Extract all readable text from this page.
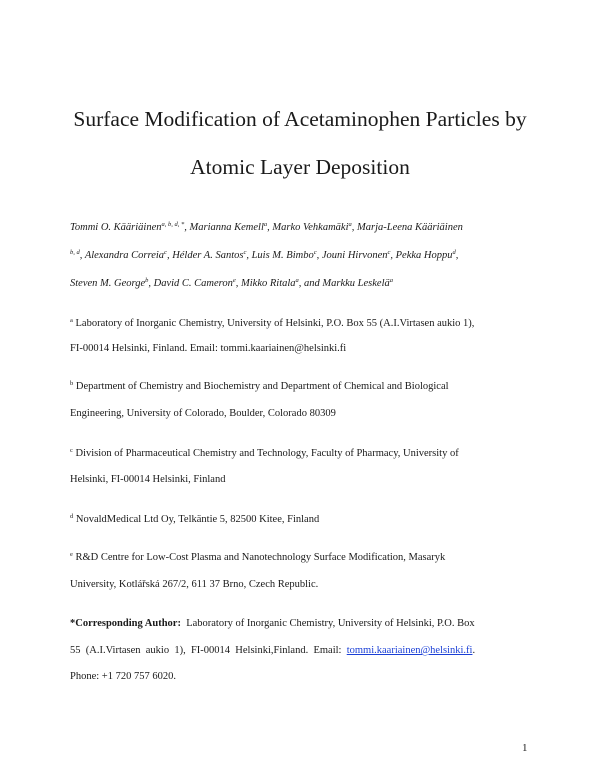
Surface Modification of Acetaminophen Particles by
Atomic Layer Deposition
Tommi O. Kääriäinen$^{a, b, d, *}$, Marianna Kemell$^a$, Marko Vehkamäki$^a$, Marja-Leena Kääriäinen
$^{b, d}$, Alexandra Correia$^c$, Hélder A. Santos$^c$, Luis M. Bimbo$^c$, Jouni Hirvonen$^c$, Pekka Hoppu$^d$,
Steven M. George$^b$, David C. Cameron$^e$, Mikko Ritala$^a$, and Markku Leskelä$^a$
$^a$ Laboratory of Inorganic Chemistry, University of Helsinki, P.O. Box 55 (A.I.Virtasen aukio 1),
FI-00014 Helsinki, Finland. Email: tommi.kaariainen@helsinki.fi
$^b$ Department of Chemistry and Biochemistry and Department of Chemical and Biological
Engineering, University of Colorado, Boulder, Colorado 80309
$^c$ Division of Pharmaceutical Chemistry and Technology, Faculty of Pharmacy, University of
Helsinki, FI-00014 Helsinki, Finland
$^d$ NovaldMedical Ltd Oy, Telkäntie 5, 82500 Kitee, Finland
$^e$ R&D Centre for Low-Cost Plasma and Nanotechnology Surface Modification, Masaryk
University, Kotlářská 267/2, 611 37 Brno, Czech Republic.
*Corresponding Author: Laboratory of Inorganic Chemistry, University of Helsinki, P.O. Box
55  (A.I.Virtasen  aukio  1),  FI-00014  Helsinki,Finland.  Email: tommi.kaariainen@helsinki.fi.
Phone: +1 720 757 6020.
1
